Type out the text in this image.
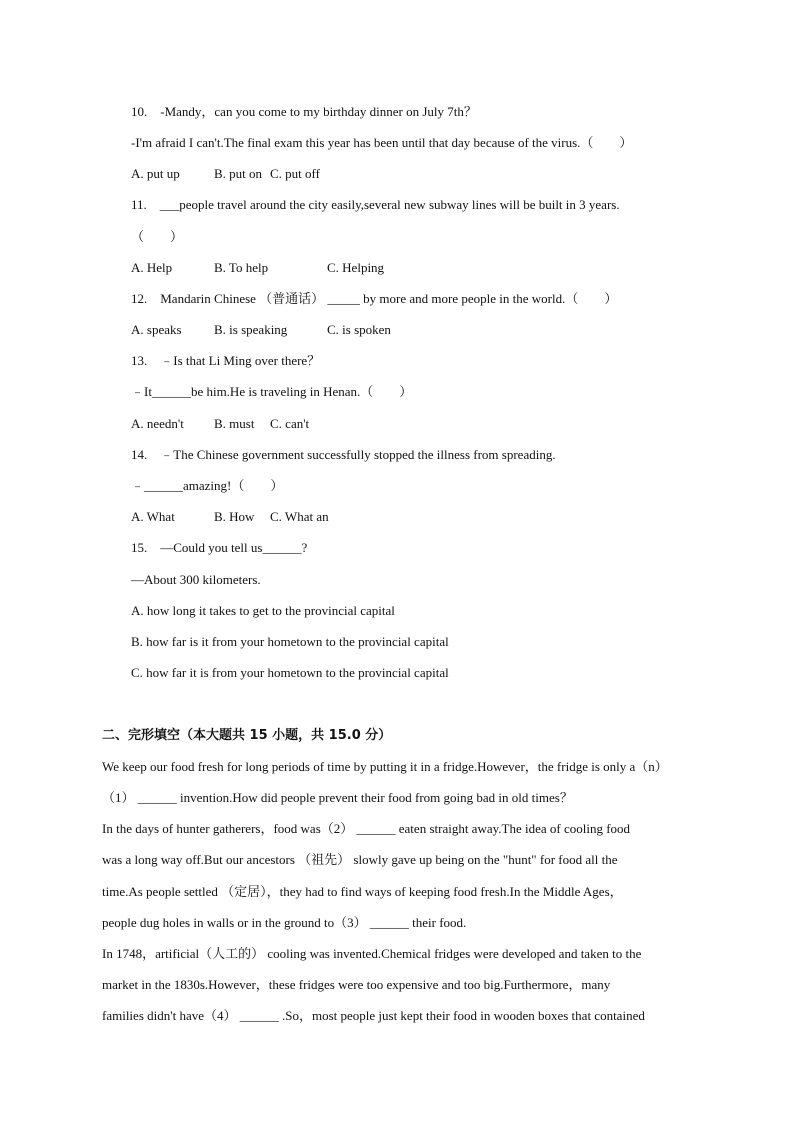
10. -Mandy，can you come to my birthday dinner on July 7th？
-I'm afraid I can't.The final exam this year has been until that day because of the virus.（　　）
A. put up	B. put on C. put off
11. ___people travel around the city easily,several new subway lines will be built in 3 years.
（　　）
A. Help	B. To help	C. Helping
12. Mandarin Chinese （普通话） _____ by more and more people in the world.（　　）
A. speaks B. is speaking	C. is spoken
13. ﹣Is that Li Ming over there？
﹣It______be him.He is traveling in Henan.（　　）
A. needn't B. must C. can't
14. ﹣The Chinese government successfully stopped the illness from spreading.
﹣______amazing!（　　）
A. What	B. How C. What an
15. —Could you tell us______?
—About 300 kilometers.
A. how long it takes to get to the provincial capital
B. how far is it from your hometown to the provincial capital
C. how far it is from your hometown to the provincial capital
二、完形填空（本大题共 15 小题，共 15.0 分）
We keep our food fresh for long periods of time by putting it in a fridge.However，the fridge is only a（n）
（1） ______ invention.How did people prevent their food from going bad in old times？
In the days of hunter gatherers，food was（2） ______ eaten straight away.The idea of cooling food
was a long way off.But our ancestors （祖先） slowly gave up being on the "hunt" for food all the
time.As people settled （定居），they had to find ways of keeping food fresh.In the Middle Ages，
people dug holes in walls or in the ground to（3） ______ their food.
In 1748，artificial（人工的） cooling was invented.Chemical fridges were developed and taken to the
market in the 1830s.However，these fridges were too expensive and too big.Furthermore，many
families didn't have（4） ______ .So，most people just kept their food in wooden boxes that contained
